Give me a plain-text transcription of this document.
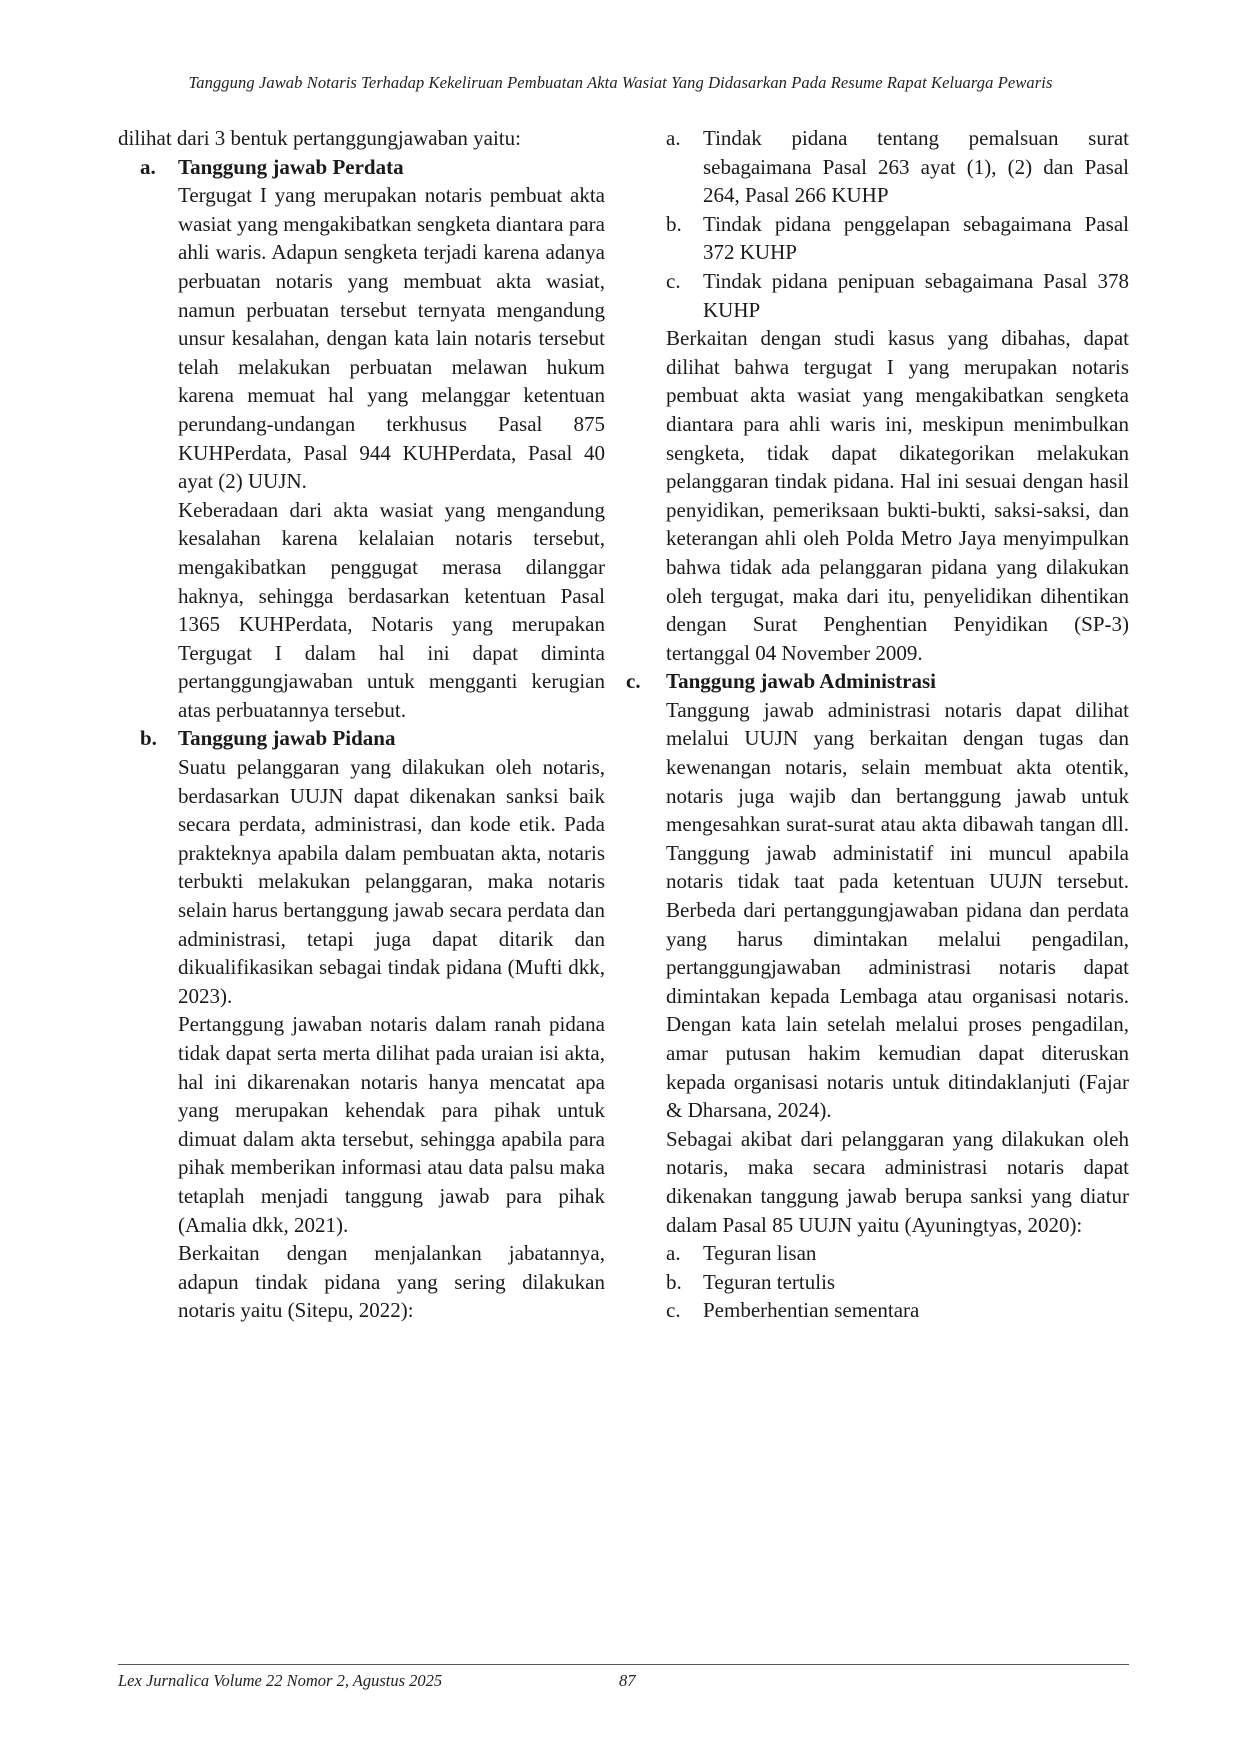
Tanggung Jawab Notaris Terhadap Kekeliruan Pembuatan Akta Wasiat Yang Didasarkan Pada Resume Rapat Keluarga Pewaris

dilihat dari 3 bentuk pertanggungjawaban yaitu:

a.	Tanggung jawab Perdata

Tergugat I yang merupakan notaris pembuat akta wasiat yang mengakibatkan sengketa diantara para ahli waris. Adapun sengketa terjadi karena adanya perbuatan notaris yang membuat akta wasiat, namun perbuatan tersebut ternyata mengandung unsur kesalahan, dengan kata lain notaris tersebut telah melakukan perbuatan melawan hukum karena memuat hal yang melanggar ketentuan perundang-undangan terkhusus Pasal 875 KUHPerdata, Pasal 944 KUHPerdata, Pasal 40 ayat (2) UUJN.

Keberadaan dari akta wasiat yang mengandung kesalahan karena kelalaian notaris tersebut, mengakibatkan penggugat merasa dilanggar haknya, sehingga berdasarkan ketentuan Pasal 1365 KUHPerdata, Notaris yang merupakan Tergugat I dalam hal ini dapat diminta pertanggungjawaban untuk mengganti kerugian atas perbuatannya tersebut.

b.	Tanggung jawab Pidana

Suatu pelanggaran yang dilakukan oleh notaris, berdasarkan UUJN dapat dikenakan sanksi baik secara perdata, administrasi, dan kode etik. Pada prakteknya apabila dalam pembuatan akta, notaris terbukti melakukan pelanggaran, maka notaris selain harus bertanggung jawab secara perdata dan administrasi, tetapi juga dapat ditarik dan dikualifikasikan sebagai tindak pidana (Mufti dkk, 2023).

Pertanggung jawaban notaris dalam ranah pidana tidak dapat serta merta dilihat pada uraian isi akta, hal ini dikarenakan notaris hanya mencatat apa yang merupakan kehendak para pihak untuk dimuat dalam akta tersebut, sehingga apabila para pihak memberikan informasi atau data palsu maka tetaplah menjadi tanggung jawab para pihak (Amalia dkk, 2021).

Berkaitan dengan menjalankan jabatannya, adapun tindak pidana yang sering dilakukan notaris yaitu (Sitepu, 2022):

a.	Tindak pidana tentang pemalsuan surat sebagaimana Pasal 263 ayat (1), (2) dan Pasal 264, Pasal 266 KUHP
b.	Tindak pidana penggelapan sebagaimana Pasal 372 KUHP
c.	Tindak pidana penipuan sebagaimana Pasal 378 KUHP

Berkaitan dengan studi kasus yang dibahas, dapat dilihat bahwa tergugat I yang merupakan notaris pembuat akta wasiat yang mengakibatkan sengketa diantara para ahli waris ini, meskipun menimbulkan sengketa, tidak dapat dikategorikan melakukan pelanggaran tindak pidana. Hal ini sesuai dengan hasil penyidikan, pemeriksaan bukti-bukti, saksi-saksi, dan keterangan ahli oleh Polda Metro Jaya menyimpulkan bahwa tidak ada pelanggaran pidana yang dilakukan oleh tergugat, maka dari itu, penyelidikan dihentikan dengan Surat Penghentian Penyidikan (SP-3) tertanggal 04 November 2009.

c.	Tanggung jawab Administrasi

Tanggung jawab administrasi notaris dapat dilihat melalui UUJN yang berkaitan dengan tugas dan kewenangan notaris, selain membuat akta otentik, notaris juga wajib dan bertanggung jawab untuk mengesahkan surat-surat atau akta dibawah tangan dll. Tanggung jawab administatif ini muncul apabila notaris tidak taat pada ketentuan UUJN tersebut. Berbeda dari pertanggungjawaban pidana dan perdata yang harus dimintakan melalui pengadilan, pertanggungjawaban administrasi notaris dapat dimintakan kepada Lembaga atau organisasi notaris. Dengan kata lain setelah melalui proses pengadilan, amar putusan hakim kemudian dapat diteruskan kepada organisasi notaris untuk ditindaklanjuti (Fajar & Dharsana, 2024).

Sebagai akibat dari pelanggaran yang dilakukan oleh notaris, maka secara administrasi notaris dapat dikenakan tanggung jawab berupa sanksi yang diatur dalam Pasal 85 UUJN yaitu (Ayuningtyas, 2020):

a.	Teguran lisan
b.	Teguran tertulis
c.	Pemberhentian sementara
Lex Jurnalica Volume 22 Nomor 2, Agustus 2025	87
